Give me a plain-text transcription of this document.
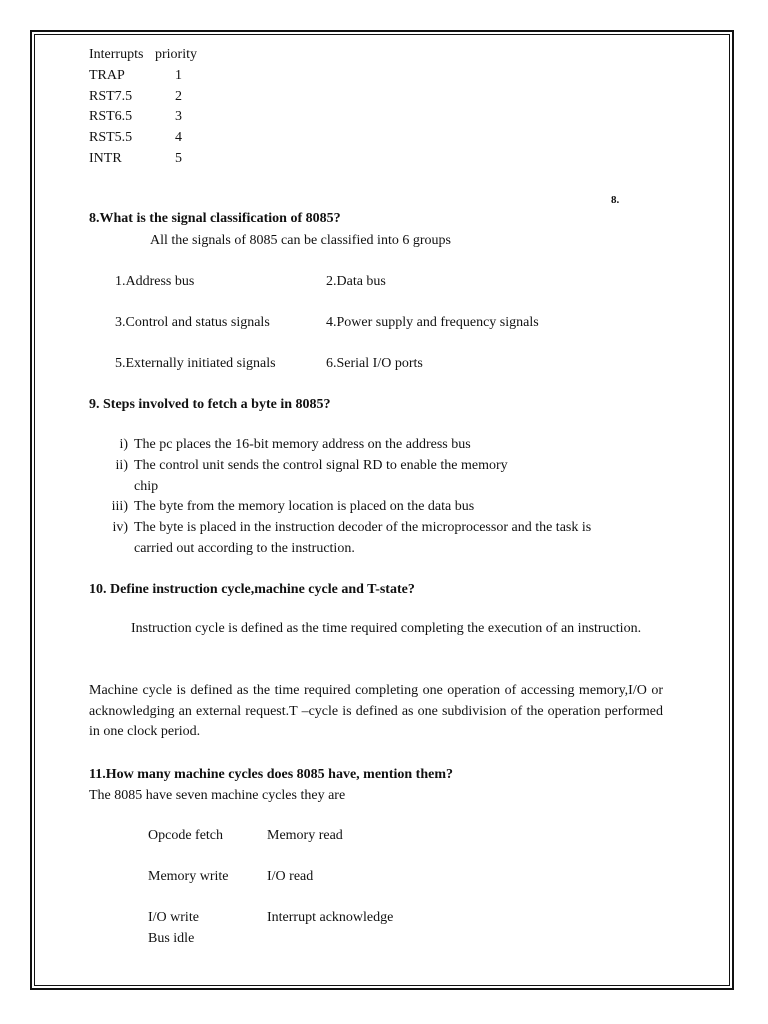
Interrupts priority
TRAP	1
RST7.5	2
RST6.5	3
RST5.5	4
INTR	5
8.
8.What is the signal classification of 8085?
All the signals of 8085 can be classified into 6 groups
1.Address bus	2.Data bus
3.Control and status signals	4.Power supply and frequency signals
5.Externally initiated signals	6.Serial I/O ports
9. Steps involved to fetch a byte in 8085?
i) The pc places the 16-bit memory address on the address bus
ii) The control unit sends the control signal RD to enable the memory
chip
iii) The byte from the memory location is placed on the data bus
iv) The byte is placed in the instruction decoder of the microprocessor and the task is
carried out according to the instruction.
10. Define instruction cycle,machine cycle and T-state?
Instruction cycle is defined as the time required completing the execution of an instruction.
Machine cycle is defined as the time required completing one operation of accessing memory,I/O or acknowledging an external request.T –cycle is defined as one subdivision of the operation performed in one clock period.
11.How many machine cycles does 8085 have, mention them?
The 8085 have seven machine cycles they are
Opcode fetch	Memory read
Memory write	I/O read
I/O write	Interrupt acknowledge
Bus idle
